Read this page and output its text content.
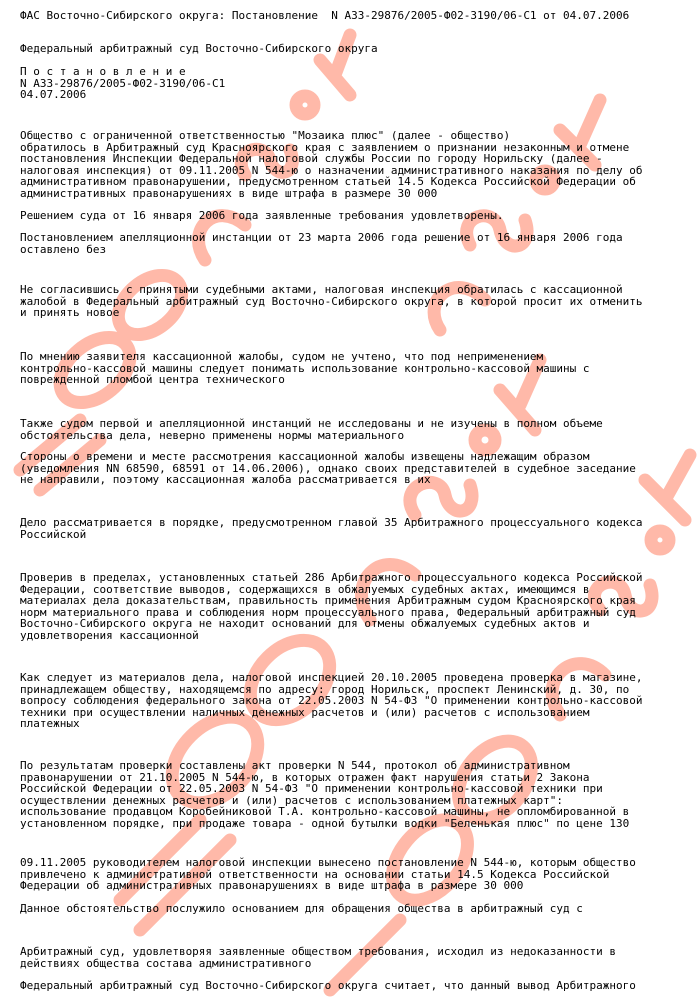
ФАС Восточно-Сибирского округа: Постановление  N А33-29876/2005-Ф02-3190/06-С1 от 04.07.2006
Федеральный арбитражный суд Восточно-Сибирского округа
П о с т а н о в л е н и е
N А33-29876/2005-Ф02-3190/06-С1
04.07.2006
Общество с ограниченной ответственностью "Мозаика плюс" (далее - общество)
обратилось в Арбитражный суд Красноярского края с заявлением о признании незаконным и отмене
постановления Инспекции Федеральной налоговой службы России по городу Норильску (далее -
налоговая инспекция) от 09.11.2005 N 544-ю о назначении административного наказания по делу об
административном правонарушении, предусмотренном статьей 14.5 Кодекса Российской Федерации об
административных правонарушениях в виде штрафа в размере 30 000
Решением суда от 16 января 2006 года заявленные требования удовлетворены.
Постановлением апелляционной инстанции от 23 марта 2006 года решение от 16 января 2006 года
оставлено без
Не согласившись с принятыми судебными актами, налоговая инспекция обратилась с кассационной
жалобой в Федеральный арбитражный суд Восточно-Сибирского округа, в которой просит их отменить
и принять новое
По мнению заявителя кассационной жалобы, судом не учтено, что под неприменением
контрольно-кассовой машины следует понимать использование контрольно-кассовой машины с
поврежденной пломбой центра технического
Также судом первой и апелляционной инстанций не исследованы и не изучены в полном объеме
обстоятельства дела, неверно применены нормы материального
Стороны о времени и месте рассмотрения кассационной жалобы извещены надлежащим образом
(уведомления NN 68590, 68591 от 14.06.2006), однако своих представителей в судебное заседание
не направили, поэтому кассационная жалоба рассматривается в их
Дело рассматривается в порядке, предусмотренном главой 35 Арбитражного процессуального кодекса
Российской
Проверив в пределах, установленных статьей 286 Арбитражного процессуального кодекса Российской
Федерации, соответствие выводов, содержащихся в обжалуемых судебных актах, имеющимся в
материалах дела доказательствам, правильность применения Арбитражным судом Красноярского края
норм материального права и соблюдения норм процессуального права, Федеральный арбитражный суд
Восточно-Сибирского округа не находит оснований для отмены обжалуемых судебных актов и
удовлетворения кассационной
Как следует из материалов дела, налоговой инспекцией 20.10.2005 проведена проверка в магазине,
принадлежащем обществу, находящемся по адресу: город Норильск, проспект Ленинский, д. 30, по
вопросу соблюдения федерального закона от 22.05.2003 N 54-ФЗ "О применении контрольно-кассовой
техники при осуществлении наличных денежных расчетов и (или) расчетов с использованием
платежных
По результатам проверки составлены акт проверки N 544, протокол об административном
правонарушении от 21.10.2005 N 544-ю, в которых отражен факт нарушения статьи 2 Закона
Российской Федерации от 22.05.2003 N 54-ФЗ "О применении контрольно-кассовой техники при
осуществлении денежных расчетов и (или) расчетов с использованием платежных карт":
использование продавцом Коробейниковой Т.А. контрольно-кассовой машины, не опломбированной в
установленном порядке, при продаже товара - одной бутылки водки "Беленькая плюс" по цене 130
09.11.2005 руководителем налоговой инспекции вынесено постановление N 544-ю, которым общество
привлечено к административной ответственности на основании статьи 14.5 Кодекса Российской
Федерации об административных правонарушениях в виде штрафа в размере 30 000
Данное обстоятельство послужило основанием для обращения общества в арбитражный суд с
Арбитражный суд, удовлетворяя заявленные обществом требования, исходил из недоказанности в
действиях общества состава административного
Федеральный арбитражный суд Восточно-Сибирского округа считает, что данный вывод Арбитражного
